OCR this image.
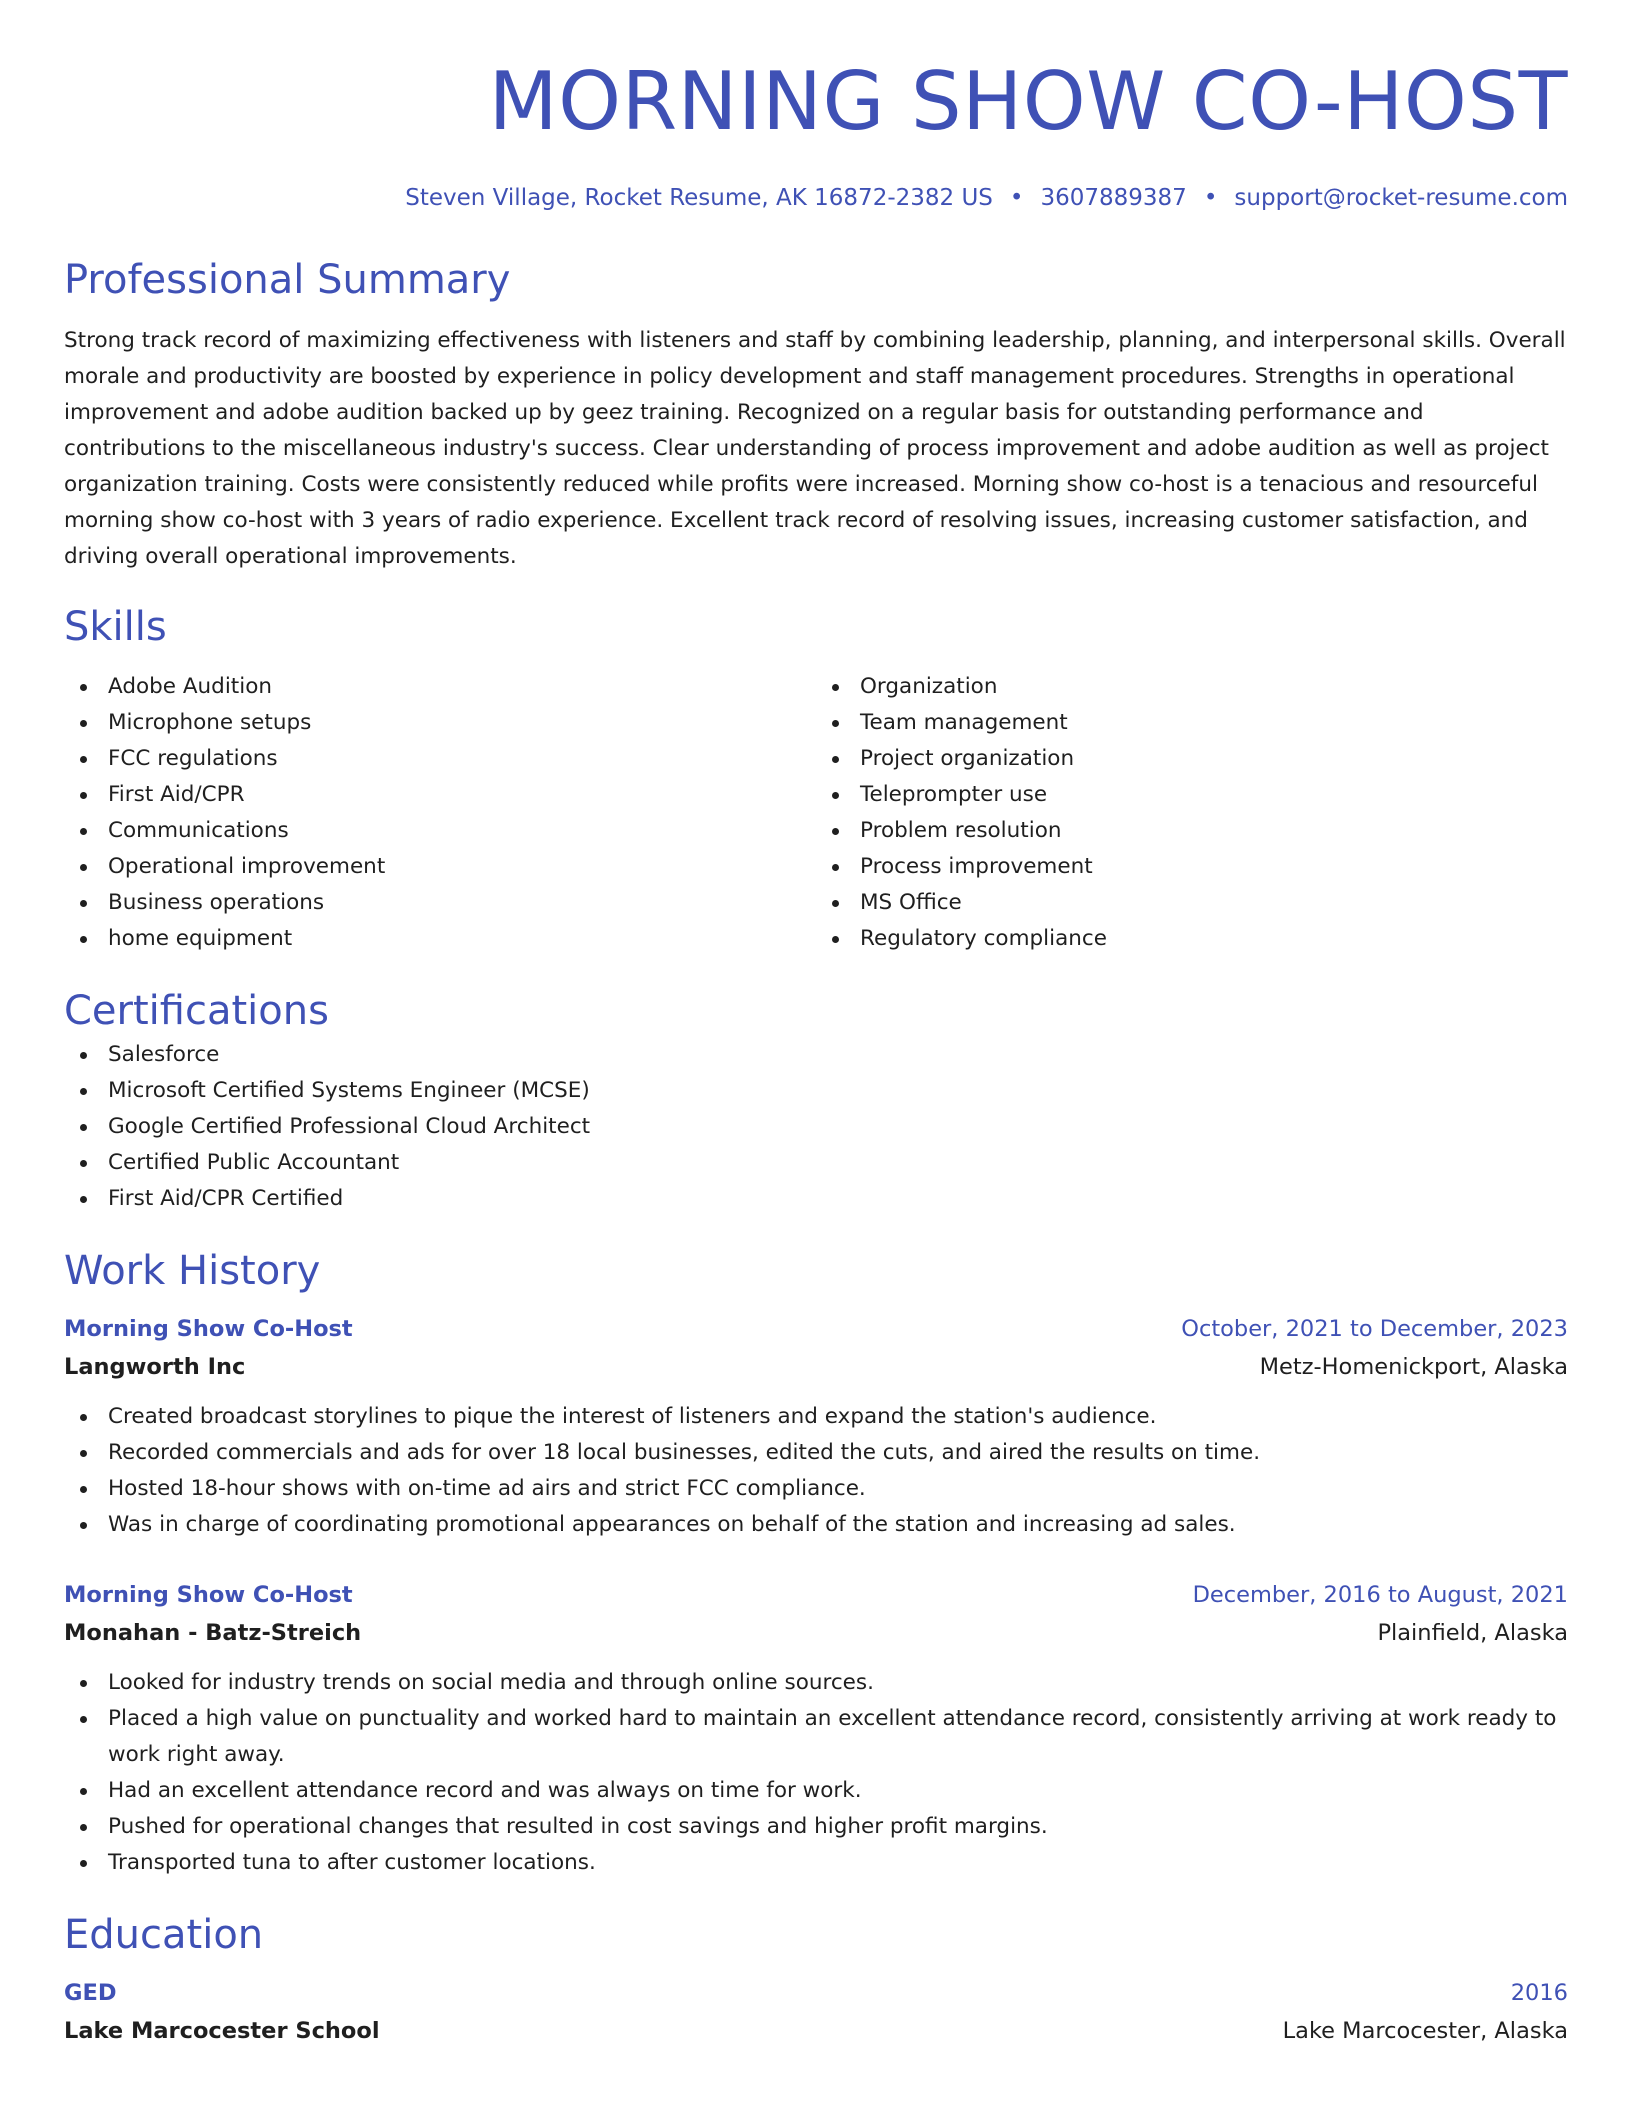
MORNING SHOW CO-HOST
Steven Village, Rocket Resume, AK 16872-2382 US • 3607889387 • support@rocket-resume.com
Professional Summary

Strong track record of maximizing effectiveness with listeners and staff by combining leadership, planning, and interpersonal skills. Overall morale and productivity are boosted by experience in policy development and staff management procedures. Strengths in operational improvement and adobe audition backed up by geez training. Recognized on a regular basis for outstanding performance and contributions to the miscellaneous industry's success. Clear understanding of process improvement and adobe audition as well as project organization training. Costs were consistently reduced while profits were increased. Morning show co-host is a tenacious and resourceful morning show co-host with 3 years of radio experience. Excellent track record of resolving issues, increasing customer satisfaction, and driving overall operational improvements.

Skills
Adobe Audition
Microphone setups
FCC regulations
First Aid/CPR
Communications
Operational improvement
Business operations
home equipment
Organization
Team management
Project organization
Teleprompter use
Problem resolution
Process improvement
MS Office
Regulatory compliance
Certifications
Salesforce
Microsoft Certified Systems Engineer (MCSE)
Google Certified Professional Cloud Architect
Certified Public Accountant
First Aid/CPR Certified
Work History
Morning Show Co-Host	October, 2021 to December, 2023
Langworth Inc	Metz-Homenickport, Alaska
Created broadcast storylines to pique the interest of listeners and expand the station's audience.
Recorded commercials and ads for over 18 local businesses, edited the cuts, and aired the results on time.
Hosted 18-hour shows with on-time ad airs and strict FCC compliance.
Was in charge of coordinating promotional appearances on behalf of the station and increasing ad sales.
Morning Show Co-Host	December, 2016 to August, 2021
Monahan - Batz-Streich	Plainfield, Alaska
Looked for industry trends on social media and through online sources.
Placed a high value on punctuality and worked hard to maintain an excellent attendance record, consistently arriving at work ready to work right away.
Had an excellent attendance record and was always on time for work.
Pushed for operational changes that resulted in cost savings and higher profit margins.
Transported tuna to after customer locations.
Education
GED	2016
Lake Marcocester School	Lake Marcocester, Alaska
